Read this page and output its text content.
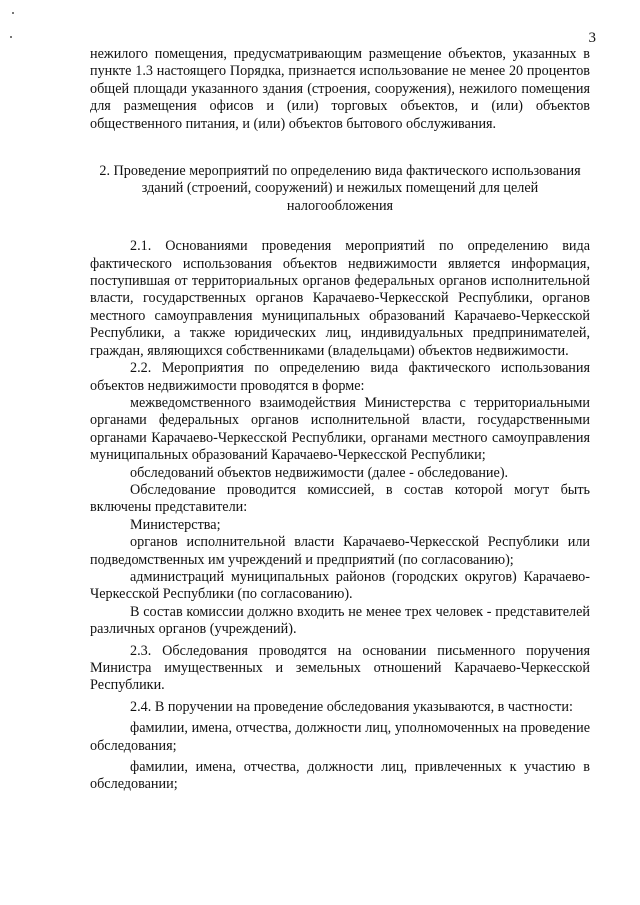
3

нежилого помещения, предусматривающим размещение объектов, указанных в пункте 1.3 настоящего Порядка, признается использование не менее 20 процентов общей площади указанного здания (строения, сооружения), нежилого помещения для размещения офисов и (или) торговых объектов, и (или) объектов общественного питания, и (или) объектов бытового обслуживания.

2. Проведение мероприятий по определению вида фактического использования зданий (строений, сооружений) и нежилых помещений для целей налогообложения

2.1. Основаниями проведения мероприятий по определению вида фактического использования объектов недвижимости является информация, поступившая от территориальных органов федеральных органов исполнительной власти, государственных органов Карачаево-Черкесской Республики, органов местного самоуправления муниципальных образований Карачаево-Черкесской Республики, а также юридических лиц, индивидуальных предпринимателей, граждан, являющихся собственниками (владельцами) объектов недвижимости.

2.2. Мероприятия по определению вида фактического использования объектов недвижимости проводятся в форме:

межведомственного взаимодействия Министерства с территориальными органами федеральных органов исполнительной власти, государственными органами Карачаево-Черкесской Республики, органами местного самоуправления муниципальных образований Карачаево-Черкесской Республики;

обследований объектов недвижимости (далее - обследование).

Обследование проводится комиссией, в состав которой могут быть включены представители:

Министерства;

органов исполнительной власти Карачаево-Черкесской Республики или подведомственных им учреждений и предприятий (по согласованию);

администраций муниципальных районов (городских округов) Карачаево-Черкесской Республики (по согласованию).

В состав комиссии должно входить не менее трех человек - представителей различных органов (учреждений).

2.3. Обследования проводятся на основании письменного поручения Министра имущественных и земельных отношений Карачаево-Черкесской Республики.

2.4. В поручении на проведение обследования указываются, в частности:

фамилии, имена, отчества, должности лиц, уполномоченных на проведение обследования;

фамилии, имена, отчества, должности лиц, привлеченных к участию в обследовании;
